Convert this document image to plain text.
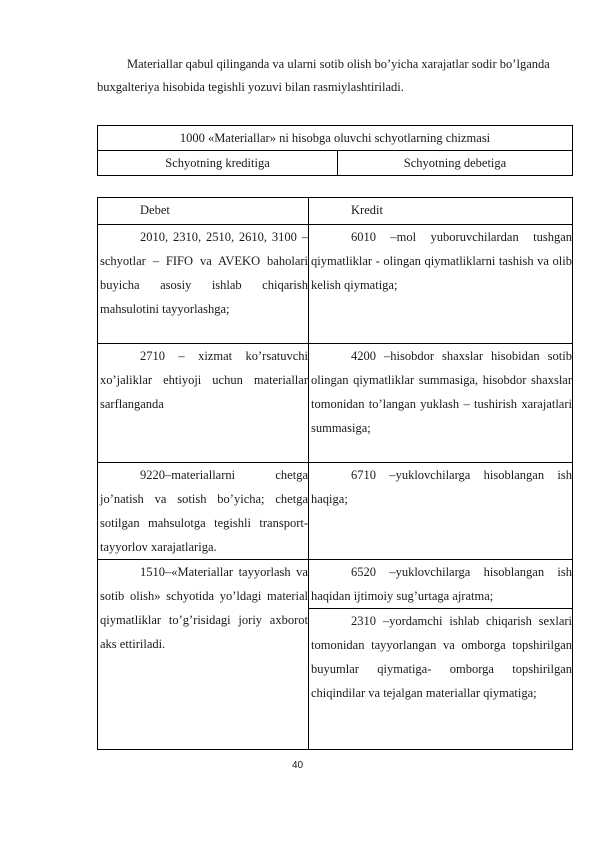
Materiallar qabul qilinganda va ularni sotib olish bo’yicha xarajatlar sodir bo’lganda buxgalteriya hisobida tegishli yozuvi bilan rasmiylashtiriladi.
1000 «Materiallar» ni hisobga oluvchi schyotlarning chizmasi
Schyotning kreditiga	Schyotning debetiga
Debet	Kredit
2010, 2310, 2510, 2610, 3100 – schyotlar – FIFO va AVEKO baholari buyicha asosiy ishlab chiqarish mahsulotini tayyorlashga;	6010 –mol yuboruvchilardan tushgan qiymatliklar - olingan qiymatliklarni tashish va olib kelish qiymatiga;
2710 – xizmat ko’rsatuvchi xo’jaliklar ehtiyoji uchun materiallar sarflanganda	4200 –hisobdor shaxslar hisobidan sotib olingan qiymatliklar summasiga, hisobdor shaxslar tomonidan to’langan yuklash – tushirish xarajatlari summasiga;
9220–materiallarni chetga jo’natish va sotish bo’yicha; chetga sotilgan mahsulotga tegishli transport-tayyorlov xarajatlariga.	6710 –yuklovchilarga hisoblangan ish haqiga;
1510–«Materiallar tayyorlash va sotib olish» schyotida yo’ldagi material qiymatliklar to’g’risidagi joriy axborot aks ettiriladi.	6520 –yuklovchilarga hisoblangan ish haqidan ijtimoiy sug’urtaga ajratma;
	2310 –yordamchi ishlab chiqarish sexlari tomonidan tayyorlangan va omborga topshirilgan buyumlar qiymatiga- omborga topshirilgan chiqindilar va tejalgan materiallar qiymatiga;
40
